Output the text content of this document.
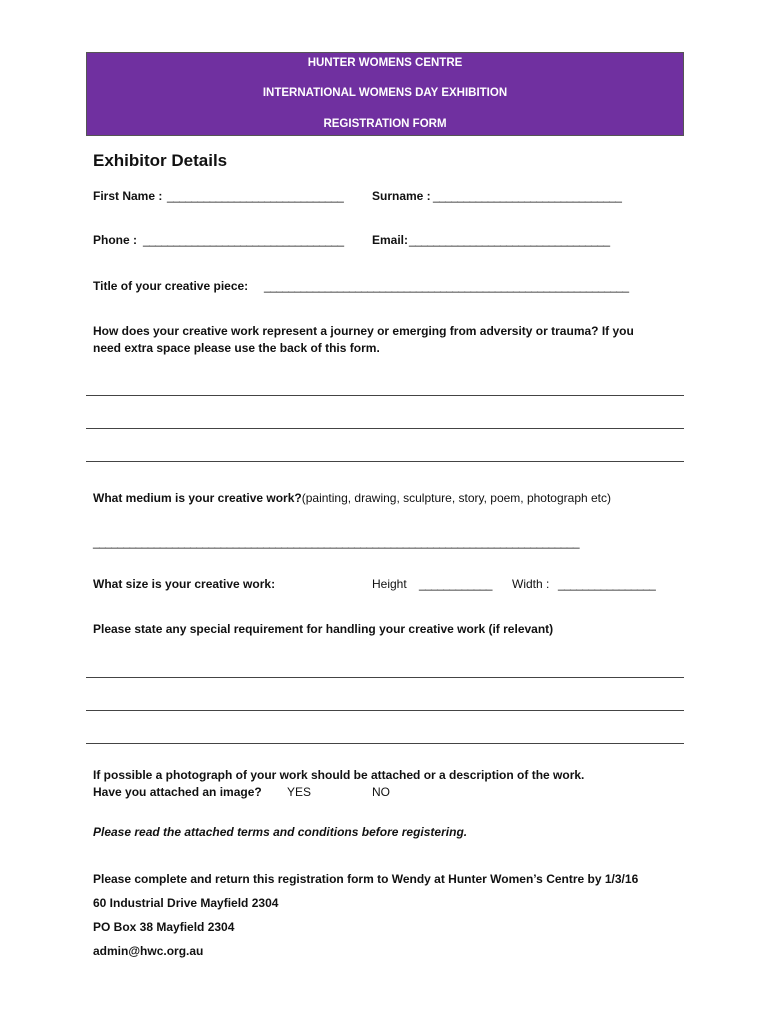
HUNTER WOMENS CENTRE
INTERNATIONAL WOMENS DAY EXHIBITION
REGISTRATION FORM
Exhibitor Details
First Name : _____________________________ Surname : _______________________________
Phone : _________________________________ Email: _________________________________
Title of your creative piece: ____________________________________________________________
How does your creative work represent a journey or emerging from adversity or trauma? If you
need extra space please use the back of this form.
What medium is your creative work?(painting, drawing, sculpture, story, poem, photograph etc)
________________________________________________________________________________
What size is your creative work:	Height ____________ Width : ________________
Please state any special requirement for handling your creative work (if relevant)
If possible a photograph of your work should be attached or a description of the work.
Have you attached an image? YES	NO
Please read the attached terms and conditions before registering.
Please complete and return this registration form to Wendy at Hunter Women’s Centre by 1/3/16
60 Industrial Drive Mayfield 2304
PO Box 38 Mayfield 2304
admin@hwc.org.au
